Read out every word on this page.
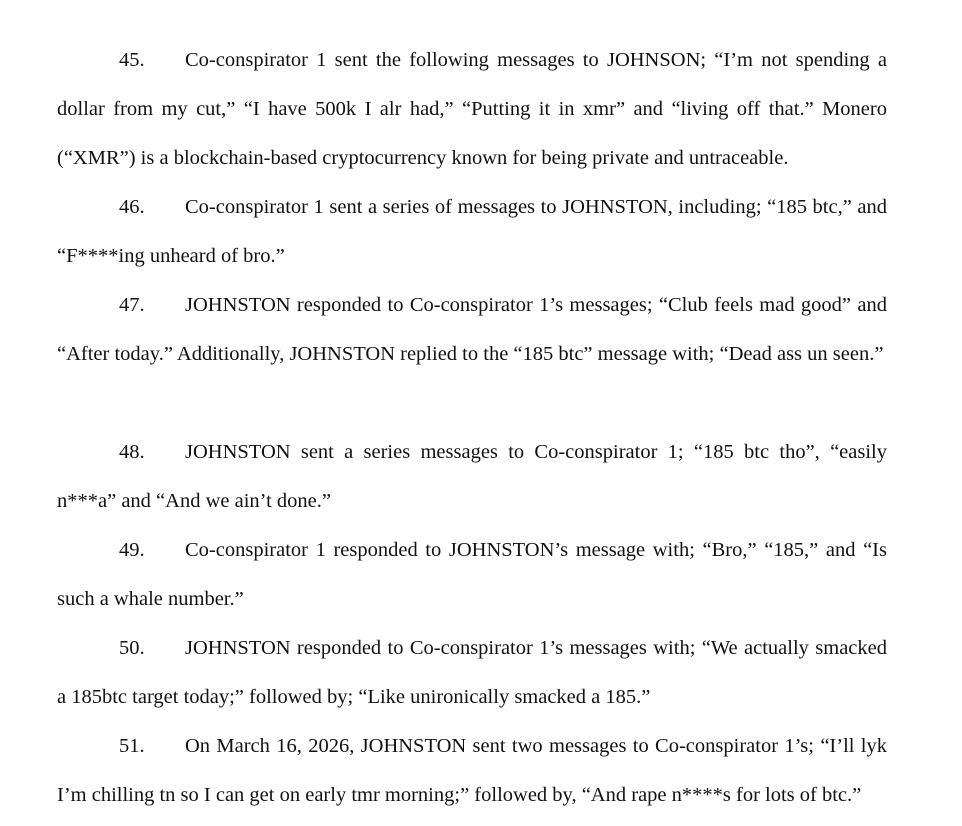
45. Co-conspirator 1 sent the following messages to JOHNSON; “I’m not spending a dollar from my cut,” “I have 500k I alr had,” “Putting it in xmr” and “living off that.” Monero (“XMR”) is a blockchain-based cryptocurrency known for being private and untraceable.

46. Co-conspirator 1 sent a series of messages to JOHNSTON, including; “185 btc,” and “F****ing unheard of bro.”

47. JOHNSTON responded to Co-conspirator 1’s messages; “Club feels mad good” and “After today.” Additionally, JOHNSTON replied to the “185 btc” message with; “Dead ass un seen.”

48. JOHNSTON sent a series messages to Co-conspirator 1; “185 btc tho”, “easily n***a” and “And we ain’t done.”

49. Co-conspirator 1 responded to JOHNSTON’s message with; “Bro,” “185,” and “Is such a whale number.”

50. JOHNSTON responded to Co-conspirator 1’s messages with; “We actually smacked a 185btc target today;” followed by; “Like unironically smacked a 185.”

51. On March 16, 2026, JOHNSTON sent two messages to Co-conspirator 1’s; “I’ll lyk I’m chilling tn so I can get on early tmr morning;” followed by, “And rape n****s for lots of btc.”
